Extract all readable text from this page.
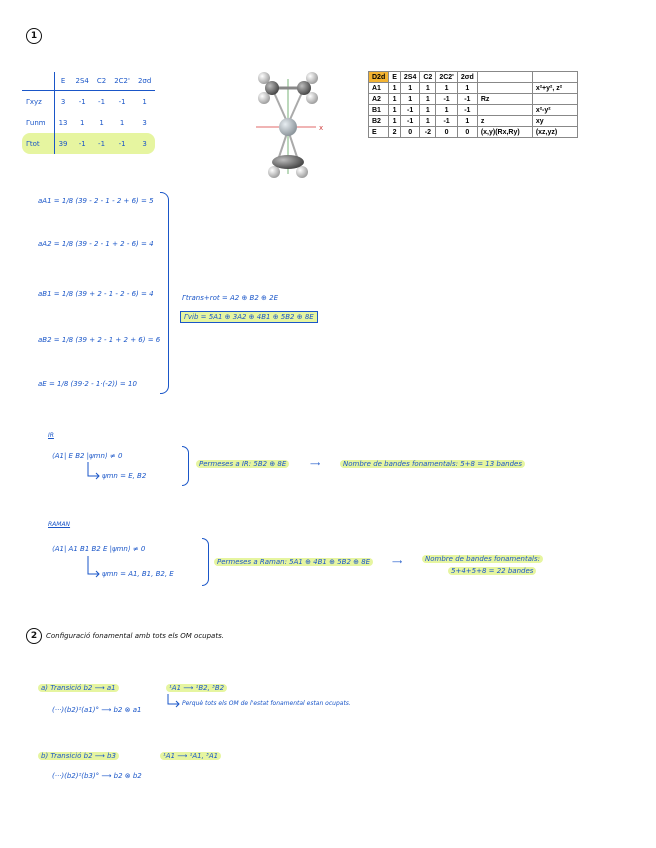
1
	E	2S4	C2	2C2'	2σd
Γxyz	3	-1	-1	-1	1
Γunm	13	1	1	1	3
Γtot	39	-1	-1	-1	3
x
D2d	E	2S4	C2	2C2'	2σd		
A1	1	1	1	1	1		x²+y², z²
A2	1	1	1	-1	-1	Rz	
B1	1	-1	1	1	-1		x²-y²
B2	1	-1	1	-1	1	z	xy
E	2	0	-2	0	0	(x,y)(Rx,Ry)	(xz,yz)
aA1 = 1/8 (39 - 2 - 1 - 2 + 6) = 5
aA2 = 1/8 (39 - 2 - 1 + 2 - 6) = 4
aB1 = 1/8 (39 + 2 - 1 - 2 - 6) = 4
aB2 = 1/8 (39 + 2 - 1 + 2 + 6) = 6
aE = 1/8 (39·2 - 1·(-2)) = 10
Γtrans+rot = A2 ⊕ B2 ⊕ 2E
Γvib = 5A1 ⊕ 3A2 ⊕ 4B1 ⊕ 5B2 ⊕ 8E
IR
⟨A1| E B2 |ψmn⟩ ≠ 0
ψmn = E, B2
Permeses a IR: 5B2 ⊕ 8E	⟶	Nombre de bandes fonamentals: 5+8 = 13 bandes
RAMAN
⟨A1| A1 B1 B2 E |ψmn⟩ ≠ 0
ψmn = A1, B1, B2, E
Permeses a Raman: 5A1 ⊕ 4B1 ⊕ 5B2 ⊕ 8E	⟶	Nombre de bandes fonamentals:
5+4+5+8 = 22 bandes
2	Configuració fonamental amb tots els OM ocupats.
a) Transició b2 ⟶ a1	¹A1 ⟶ ¹B2, ³B2
(···)(b2)²(a1)° ⟶ b2 ⊗ a1
Perquè tots els OM de l'estat fonamental estan ocupats.
b) Transició b2 ⟶ b3	¹A1 ⟶ ¹A1, ³A1
(···)(b2)²(b3)° ⟶ b2 ⊗ b2
